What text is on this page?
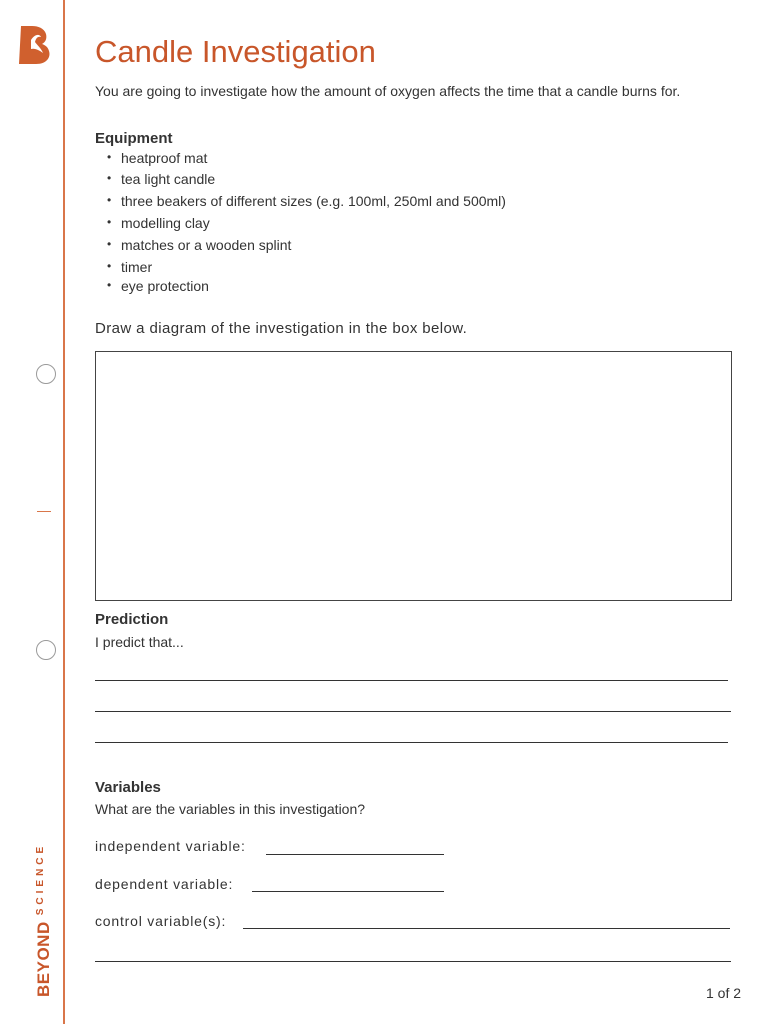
$BEYOND^{SCIENCE}$
Candle Investigation
You are going to investigate how the amount of oxygen affects the time that a candle burns for.
Equipment
• heatproof mat
• tea light candle
• three beakers of different sizes (e.g. 100ml, 250ml and 500ml)
• modelling clay
• matches or a wooden splint
• timer
• eye protection
Draw a diagram of the investigation in the box below.
Prediction
I predict that...
Variables
What are the variables in this investigation?
independent variable:
dependent variable:
control variable(s):
1 of 2
